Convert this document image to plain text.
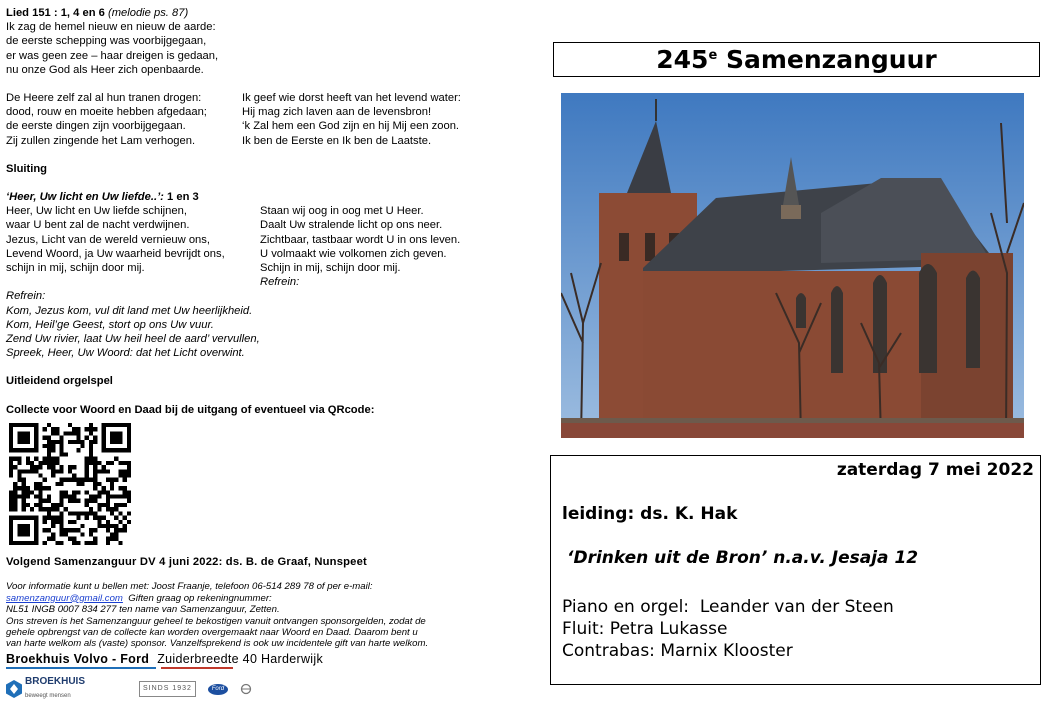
Lied 151 : 1, 4 en 6 (melodie ps. 87)
Ik zag de hemel nieuw en nieuw de aarde:
de eerste schepping was voorbijgegaan,
er was geen zee – haar dreigen is gedaan,
nu onze God als Heer zich openbaarde.
De Heere zelf zal al hun tranen drogen:
dood, rouw en moeite hebben afgedaan;
de eerste dingen zijn voorbijgegaan.
Zij zullen zingende het Lam verhogen.
Ik geef wie dorst heeft van het levend water:
Hij mag zich laven aan de levensbron!
‘k Zal hem een God zijn en hij Mij een zoon.
Ik ben de Eerste en Ik ben de Laatste.
Sluiting
‘Heer, Uw licht en Uw liefde..’: 1 en 3
Heer, Uw licht en Uw liefde schijnen,
waar U bent zal de nacht verdwijnen.
Jezus, Licht van de wereld vernieuw ons,
Levend Woord, ja Uw waarheid bevrijdt ons,
schijn in mij, schijn door mij.
Staan wij oog in oog met U Heer.
Daalt Uw stralende licht op ons neer.
Zichtbaar, tastbaar wordt U in ons leven.
U volmaakt wie volkomen zich geven.
Schijn in mij, schijn door mij.
Refrein:
Refrein:
Kom, Jezus kom, vul dit land met Uw heerlijkheid.
Kom, Heil’ge Geest, stort op ons Uw vuur.
Zend Uw rivier, laat Uw heil heel de aard’ vervullen,
Spreek, Heer, Uw Woord: dat het Licht overwint.
Uitleidend orgelspel
Collecte voor Woord en Daad bij de uitgang of eventueel via QRcode:
Volgend Samenzanguur DV 4 juni 2022: ds. B. de Graaf, Nunspeet
Voor informatie kunt u bellen met: Joost Fraanje, telefoon 06-514 289 78 of per e-mail:
samenzanguur@gmail.com  Giften graag op rekeningnummer:
NL51 INGB 0007 834 277 ten name van Samenzanguur, Zetten.
Ons streven is het Samenzanguur geheel te bekostigen vanuit ontvangen sponsorgelden, zodat de
gehele opbrengst van de collecte kan worden overgemaakt naar Woord en Daad. Daarom bent u
van harte welkom als (vaste) sponsor. Vanzelfsprekend is ook uw incidentele gift van harte welkom.
Broekhuis Volvo - Ford Zuiderbreedte 40 Harderwijk
BROEKHUIS
beweegt mensen
SINDS 1932	Ford
245e
Samenzanguur
zaterdag 7 mei 2022
leiding: ds. K. Hak
‘Drinken uit de Bron’ n.a.v. Jesaja 12
Piano en orgel:  Leander van der Steen
Fluit: Petra Lukasse
Contrabas: Marnix Klooster
